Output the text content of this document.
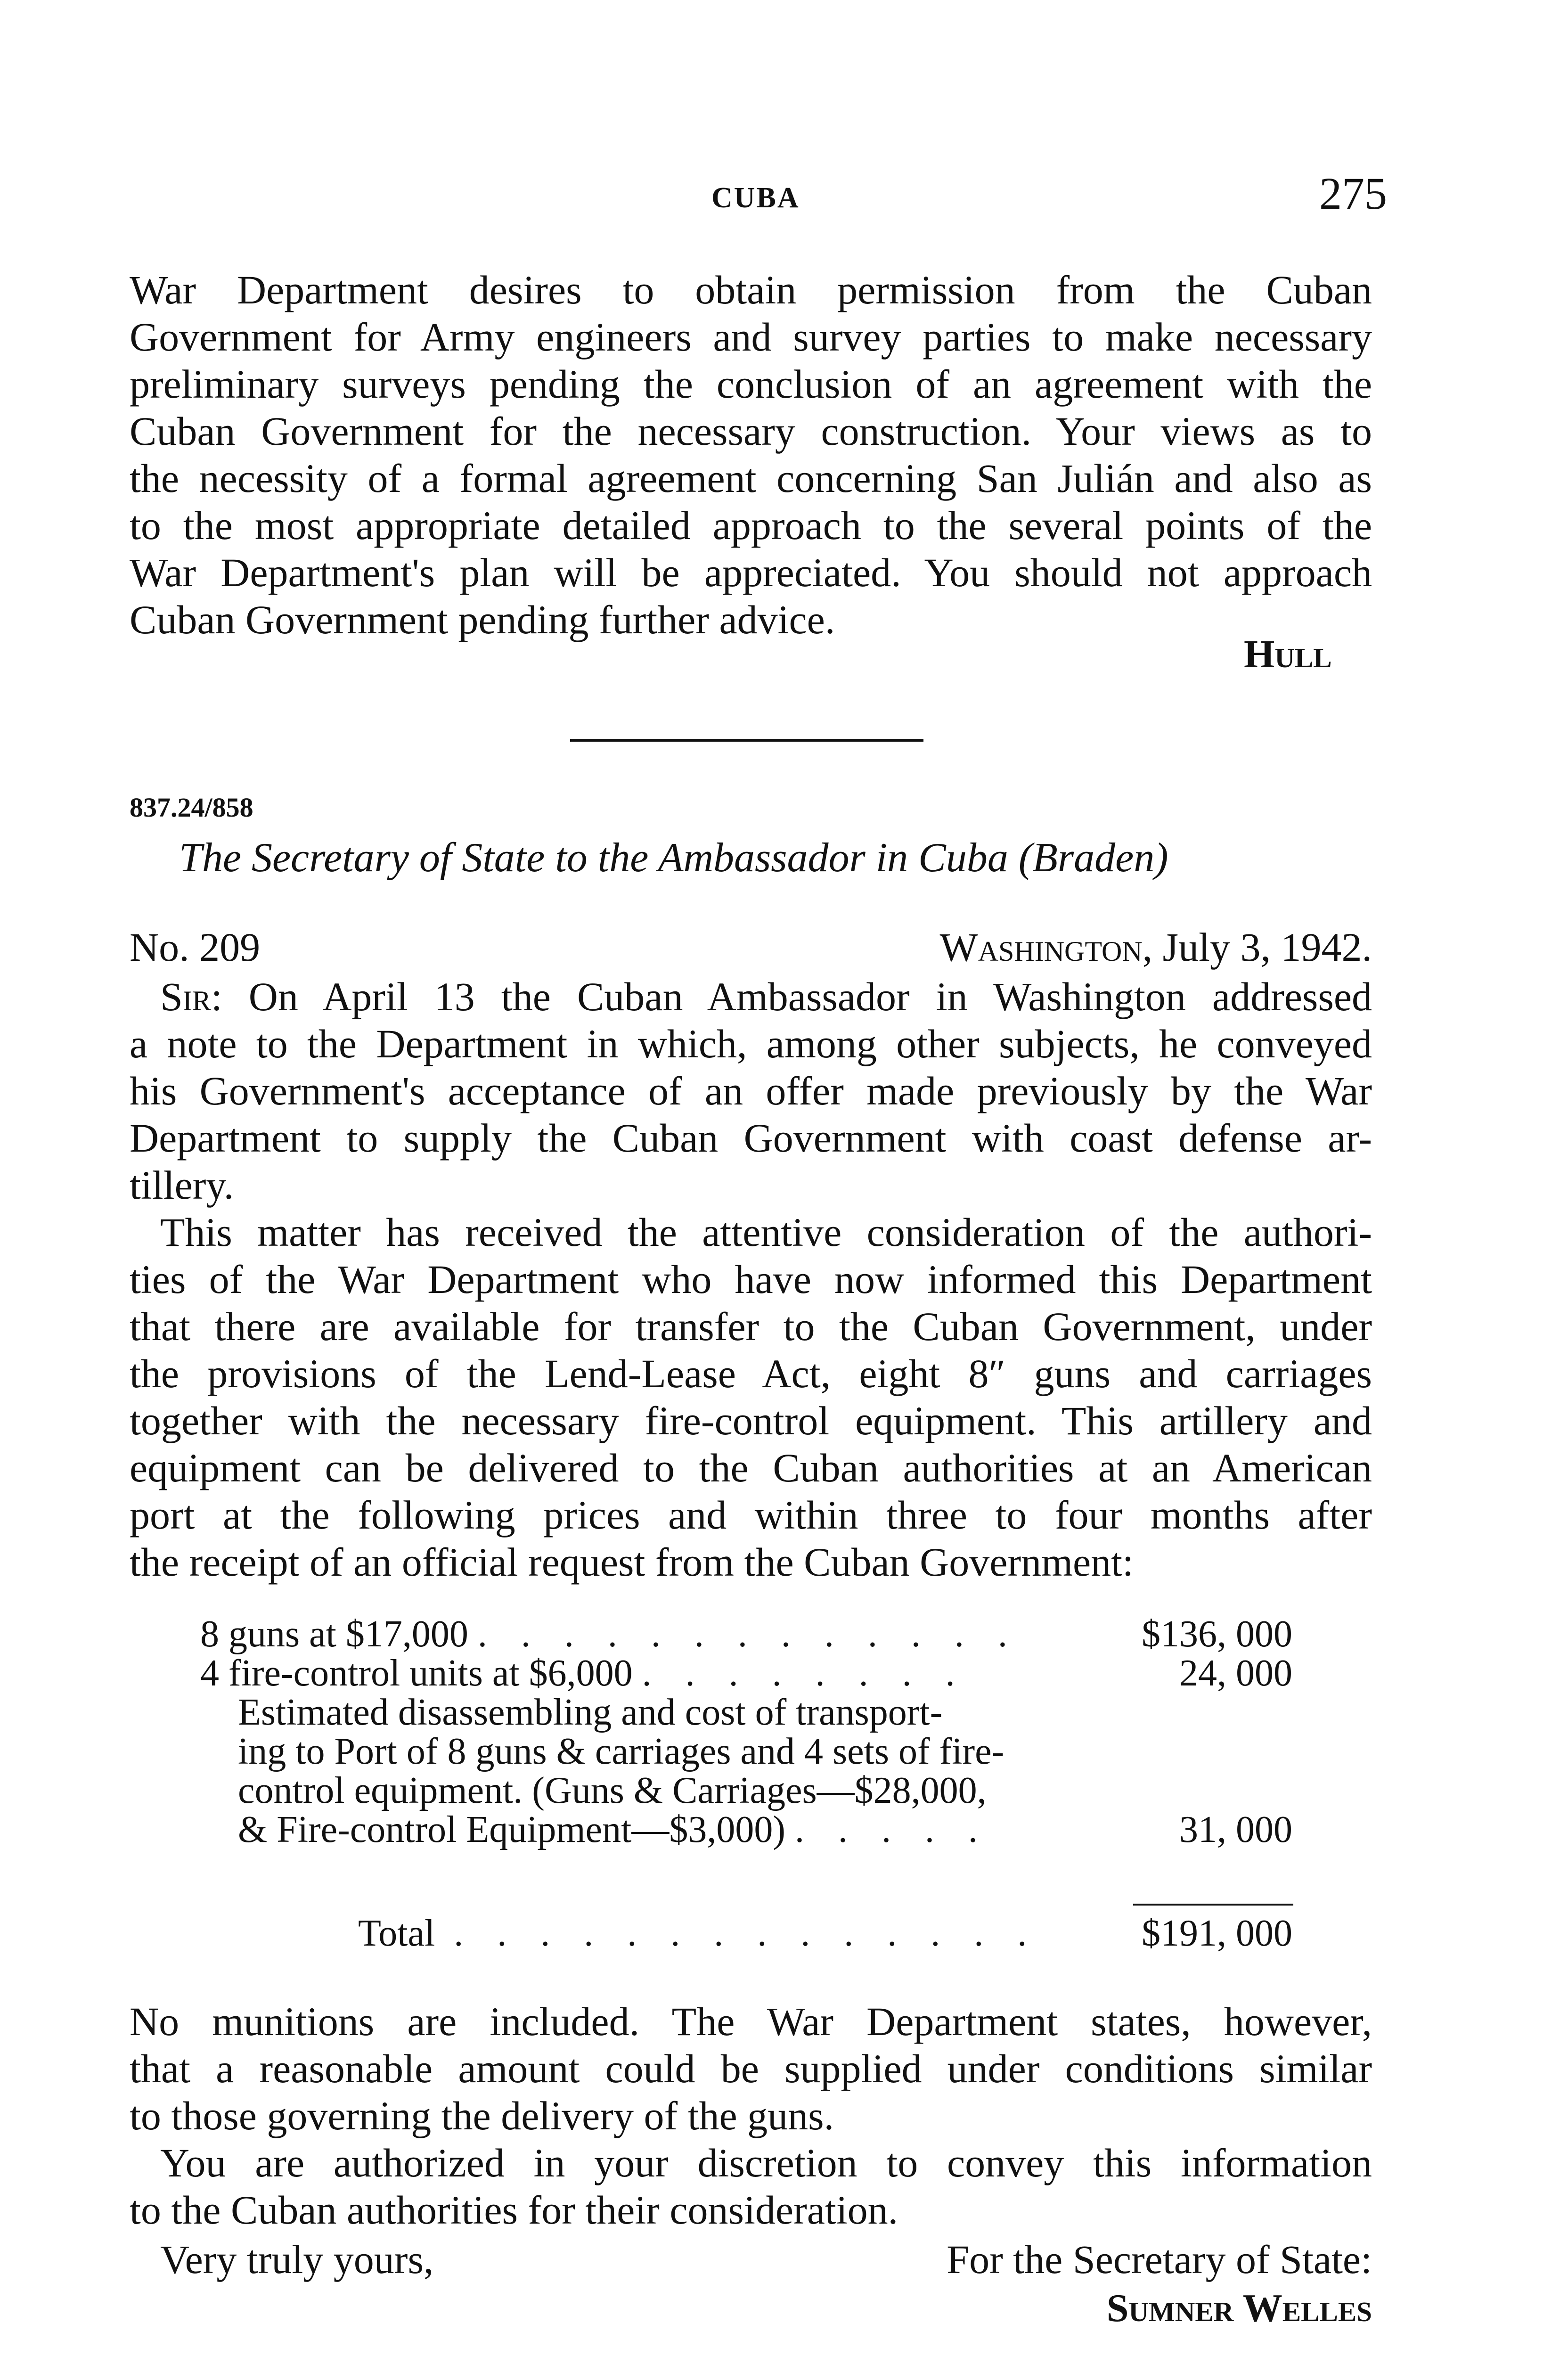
CUBA	275
War Department desires to obtain permission from the Cuban
Government for Army engineers and survey parties to make necessary
preliminary surveys pending the conclusion of an agreement with the
Cuban Government for the necessary construction. Your views as to
the necessity of a formal agreement concerning San Julián and also as
to the most appropriate detailed approach to the several points of the
War Department's plan will be appreciated. You should not approach
Cuban Government pending further advice.
Hull
837.24/858
The Secretary of State to the Ambassador in Cuba (Braden)
No. 209	Washington, July 3, 1942.
Sir: On April 13 the Cuban Ambassador in Washington addressed
a note to the Department in which, among other subjects, he conveyed
his Government's acceptance of an offer made previously by the War
Department to supply the Cuban Government with coast defense ar-
tillery.
This matter has received the attentive consideration of the authori-
ties of the War Department who have now informed this Department
that there are available for transfer to the Cuban Government, under
the provisions of the Lend-Lease Act, eight 8″ guns and carriages
together with the necessary fire-control equipment. This artillery and
equipment can be delivered to the Cuban authorities at an American
port at the following prices and within three to four months after
the receipt of an official request from the Cuban Government:
8 guns at $17,000 . . . . . . . . . . . . .	$136, 000
4 fire-control units at $6,000 . . . . . . . .	24, 000
Estimated disassembling and cost of transport-
ing to Port of 8 guns & carriages and 4 sets of fire-
control equipment. (Guns & Carriages—$28,000,
& Fire-control Equipment—$3,000) . . . . .	31, 000
Total . . . . . . . . . . . . . .	$191, 000
No munitions are included. The War Department states, however,
that a reasonable amount could be supplied under conditions similar
to those governing the delivery of the guns.
You are authorized in your discretion to convey this information
to the Cuban authorities for their consideration.
Very truly yours,	For the Secretary of State:
Sumner Welles
